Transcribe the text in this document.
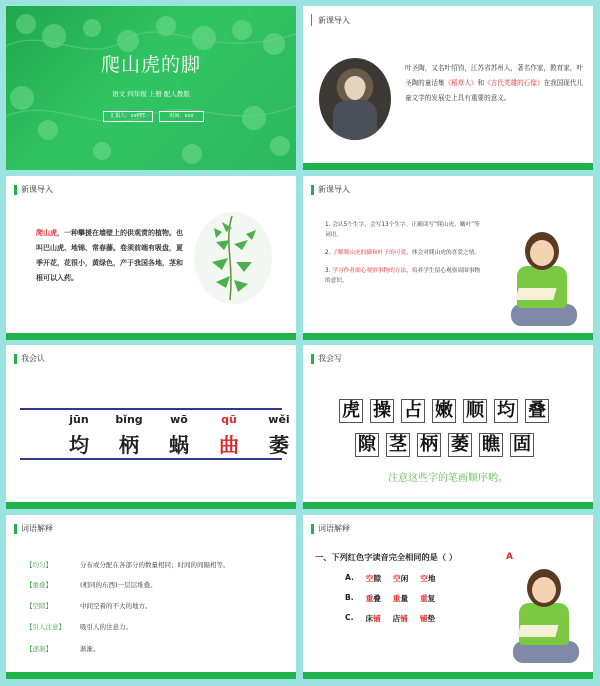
爬山虎的脚
语文 四年级 上册 配人教版
汇报人：xxPPT	时间：xxx
新课导入
叶圣陶，又名叶绍钧，江苏省苏州人，著名作家，教育家，叶圣陶的童话集《稻草人》和《古代英雄的石像》在我国现代儿童文学的发展史上具有重要的意义。
新课导入
爬山虎，一种攀援在墙壁上的供观赏的植物。也叫巴山虎、地锦、常春藤。卷须前端有吸盘，夏季开花，花很小，黄绿色，产于我国各地，茎和根可以入药。
新课导入

1. 会认5个生字，会写13个生字。正确读写“爬山虎、嫩叶”等词语。

2. 了解爬山虎的脚和叶子的可爱，体会对爬山虎的喜爱之情。

3. 学习作者细心观察事物的方法，培养学生留心观察周围事物的意识。

我会认
jūn
均
bǐng
柄
wō
蜗
qū
曲
wěi
萎
我会写
虎 操 占 嫩 顺 均 叠
隙 茎 柄 萎 瞧 固
注意这些字的笔画顺序哟。
词语解释
【均匀】	分布或分配在各部分的数量相同；时间的间隔相等。
【重叠】	(相同的东西)一层层堆叠。
【空隙】	中间空着的不大的地方。
【引人注意】	吸引人的注意力。
【逐渐】	渐渐。
词语解释
一、下列红色字读音完全相同的是（ ）	A
A. 空隙 空闲 空地
B. 重叠 重量 重复
C. 床铺 店铺 铺垫
